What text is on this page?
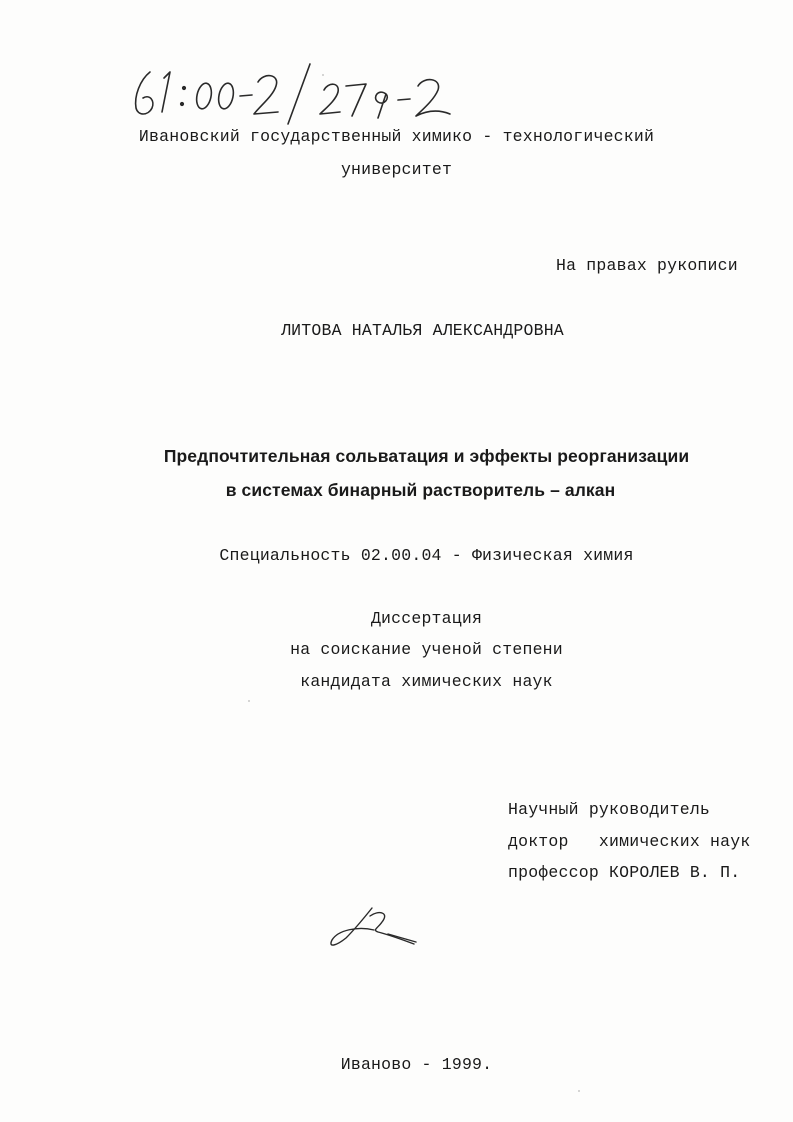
Ивановский государственный химико - технологический
университет
На правах рукописи
ЛИТОВА НАТАЛЬЯ АЛЕКСАНДРОВНА
Предпочтительная сольватация и эффекты реорганизации
в системах бинарный растворитель – алкан
Специальность 02.00.04 - Физическая химия
Диссертация
на соискание ученой степени
кандидата химических наук
Научный руководитель
доктор   химических наук
профессор КОРОЛЕВ В. П.
Иваново - 1999.
